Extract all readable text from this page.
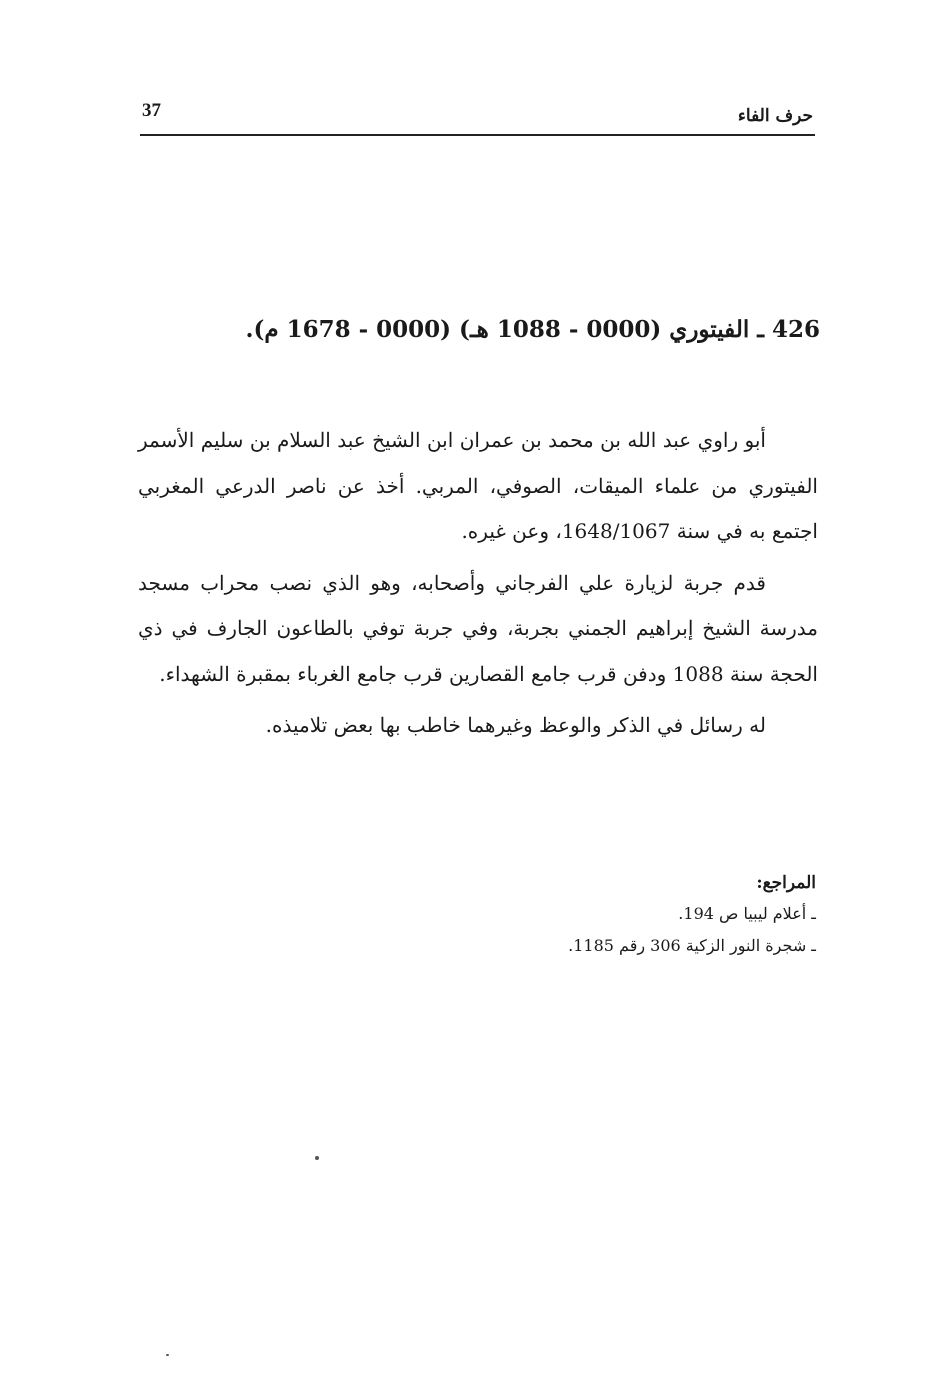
37	حرف الفاء
426 ـ الفيتوري (0000 - 1088 هـ) (0000 - 1678 م).

أبو راوي عبد الله بن محمد بن عمران ابن الشيخ عبد السلام بن سليم الأسمر الفيتوري من علماء الميقات، الصوفي، المربي. أخذ عن ناصر الدرعي المغربي اجتمع به في سنة 1648/1067، وعن غيره.

قدم جربة لزيارة علي الفرجاني وأصحابه، وهو الذي نصب محراب مسجد مدرسة الشيخ إبراهيم الجمني بجربة، وفي جربة توفي بالطاعون الجارف في ذي الحجة سنة 1088 ودفن قرب جامع القصارين قرب جامع الغرباء بمقبرة الشهداء.

له رسائل في الذكر والوعظ وغيرهما خاطب بها بعض تلاميذه.

المراجع:
ـ أعلام ليبيا ص 194.
ـ شجرة النور الزكية 306 رقم 1185.
